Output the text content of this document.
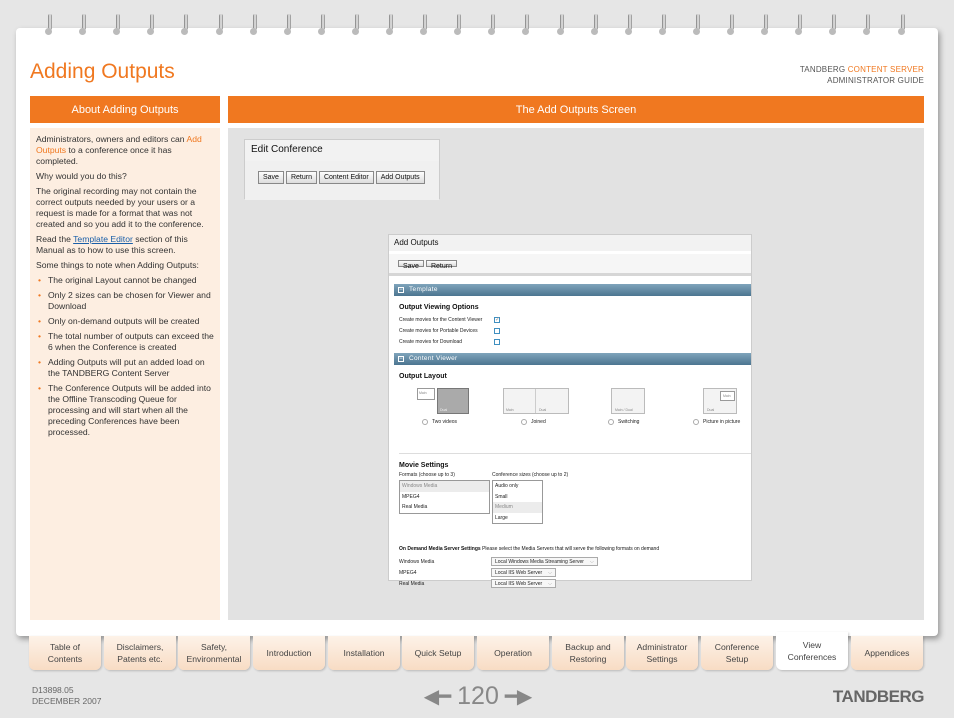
Adding Outputs	TANDBERG CONTENT SERVER
ADMINISTRATOR GUIDE
About Adding Outputs	The Add Outputs Screen

Administrators, owners and editors can Add Outputs to a conference once it has completed.

Why would you do this?

The original recording may not contain the correct outputs needed by your users or a request is made for a format that was not created and so you add it to the conference.

Read the Template Editor section of this Manual as to how to use this screen.

Some things to note when Adding Outputs:

• The original Layout cannot be changed
• Only 2 sizes can be chosen for Viewer and Download
• Only on-demand outputs will be created
• The total number of outputs can exceed the 6 when the Conference is created
• Adding Outputs will put an added load on the TANDBERG Content Server
• The Conference Outputs will be added into the Offline Transcoding Queue for processing and will start when all the preceding Conferences have been processed.
Edit Conference
Save	Return	Content Editor	Add Outputs
Add Outputs
Save	Return
− Template
Output Viewing Options
Create movies for the Content Viewer	✓
Create movies for Portable Devices
Create movies for Download
− Content Viewer
Output Layout
Main
Dual
Two videos
Main	Dual
Joined
Main / Dual
Switching
Main
Dual
Picture in picture
Movie Settings
Formats (choose up to 3)
Windows Media
MPEG4
Real Media
Conference sizes (choose up to 2)
Audio only
Small
Medium
Large
On Demand Media Server Settings Please select the Media Servers that will serve the following formats on demand
Windows Media	Local Windows Media Streaming Server ⌵
MPEG4	Local IIS Web Server ⌵
Real Media	Local IIS Web Server ⌵
Table of
Contents
Disclaimers,
Patents etc.
Safety,
Environmental
Introduction	Installation	Quick Setup	Operation
Backup and
Restoring
Administrator
Settings
Conference
Setup
View
Conferences	Appendices
D13898.05
DECEMBER 2007	◀━ 120 ━▶	TANDBERG
